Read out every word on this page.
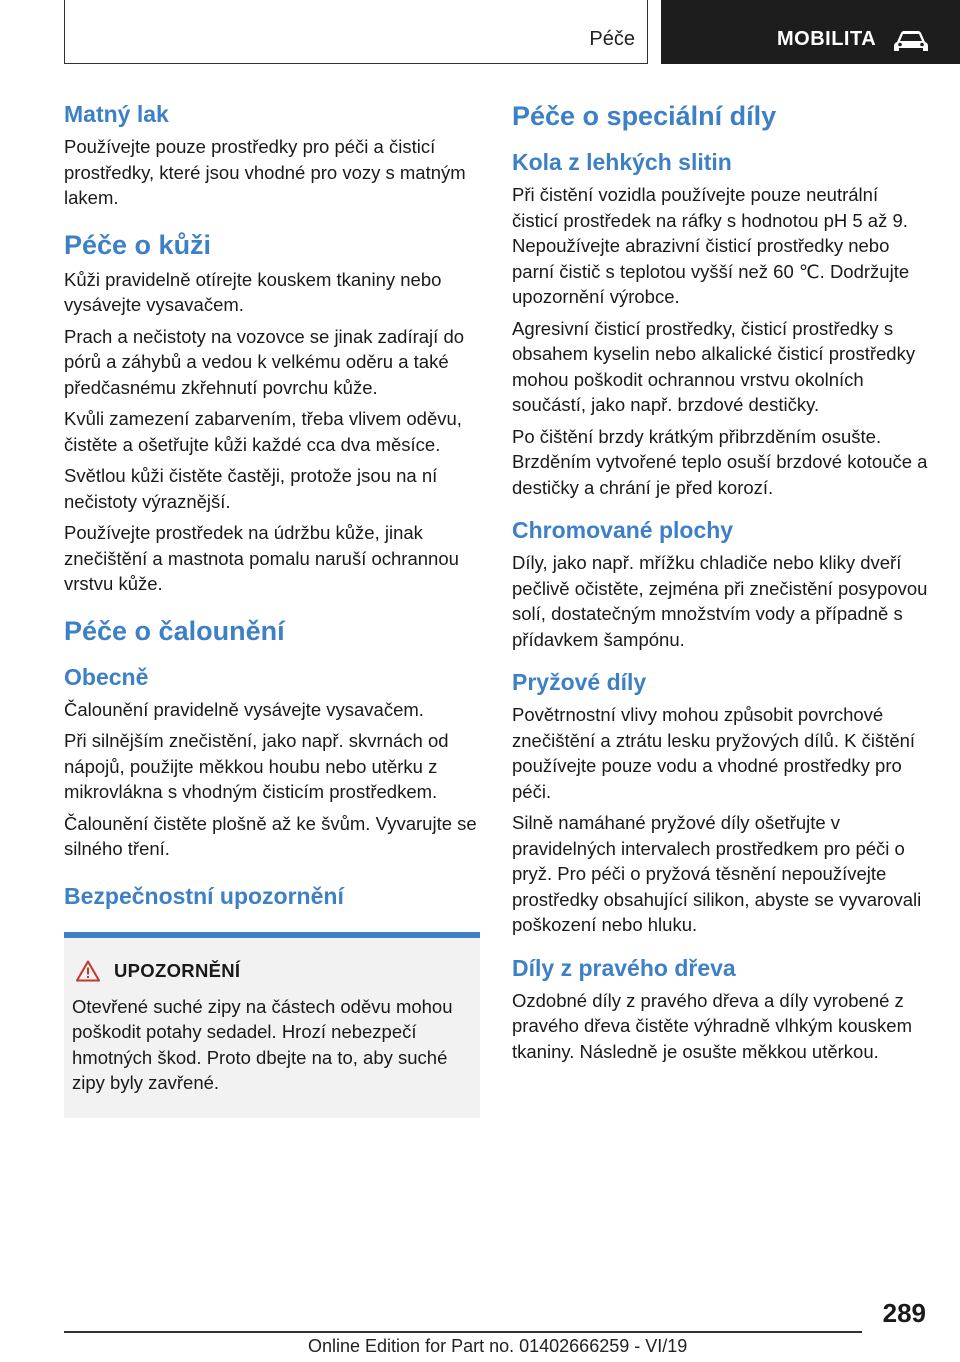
Péče	MOBILITA
Matný lak

Používejte pouze prostředky pro péči a čisticí prostředky, které jsou vhodné pro vozy s matným lakem.

Péče o kůži

Kůži pravidelně otírejte kouskem tkaniny nebo vysávejte vysavačem.

Prach a nečistoty na vozovce se jinak zadírají do pórů a záhybů a vedou k velkému oděru a také předčasnému zkřehnutí povrchu kůže.

Kvůli zamezení zabarvením, třeba vlivem oděvu, čistěte a ošetřujte kůži každé cca dva měsíce.

Světlou kůži čistěte častěji, protože jsou na ní nečistoty výraznější.

Používejte prostředek na údržbu kůže, jinak znečištění a mastnota pomalu naruší ochrannou vrstvu kůže.

Péče o čalounění
Obecně

Čalounění pravidelně vysávejte vysavačem.

Při silnějším znečistění, jako např. skvrnách od nápojů, použijte měkkou houbu nebo utěrku z mikrovlákna s vhodným čisticím prostředkem.

Čalounění čistěte plošně až ke švům. Vyvarujte se silného tření.

Bezpečnostní upozornění
UPOZORNĚNÍ

Otevřené suché zipy na částech oděvu mohou poškodit potahy sedadel. Hrozí nebezpečí hmotných škod. Proto dbejte na to, aby suché zipy byly zavřené.

Péče o speciální díly
Kola z lehkých slitin

Při čistění vozidla používejte pouze neutrální čisticí prostředek na ráfky s hodnotou pH 5 až 9. Nepoužívejte abrazivní čisticí prostředky nebo parní čistič s teplotou vyšší než 60 ℃. Dodržujte upozornění výrobce.

Agresivní čisticí prostředky, čisticí prostředky s obsahem kyselin nebo alkalické čisticí prostředky mohou poškodit ochrannou vrstvu okolních součástí, jako např. brzdové destičky.

Po čištění brzdy krátkým přibrzděním osušte. Brzděním vytvořené teplo osuší brzdové kotouče a destičky a chrání je před korozí.

Chromované plochy

Díly, jako např. mřížku chladiče nebo kliky dveří pečlivě očistěte, zejména při znečistění posypovou solí, dostatečným množstvím vody a případně s přídavkem šampónu.

Pryžové díly

Povětrnostní vlivy mohou způsobit povrchové znečištění a ztrátu lesku pryžových dílů. K čištění používejte pouze vodu a vhodné prostředky pro péči.

Silně namáhané pryžové díly ošetřujte v pravidelných intervalech prostředkem pro péči o pryž. Pro péči o pryžová těsnění nepoužívejte prostředky obsahující silikon, abyste se vyvarovali poškození nebo hluku.

Díly z pravého dřeva

Ozdobné díly z pravého dřeva a díly vyrobené z pravého dřeva čistěte výhradně vlhkým kouskem tkaniny. Následně je osušte měkkou utěrkou.

289
Online Edition for Part no. 01402666259 - VI/19
